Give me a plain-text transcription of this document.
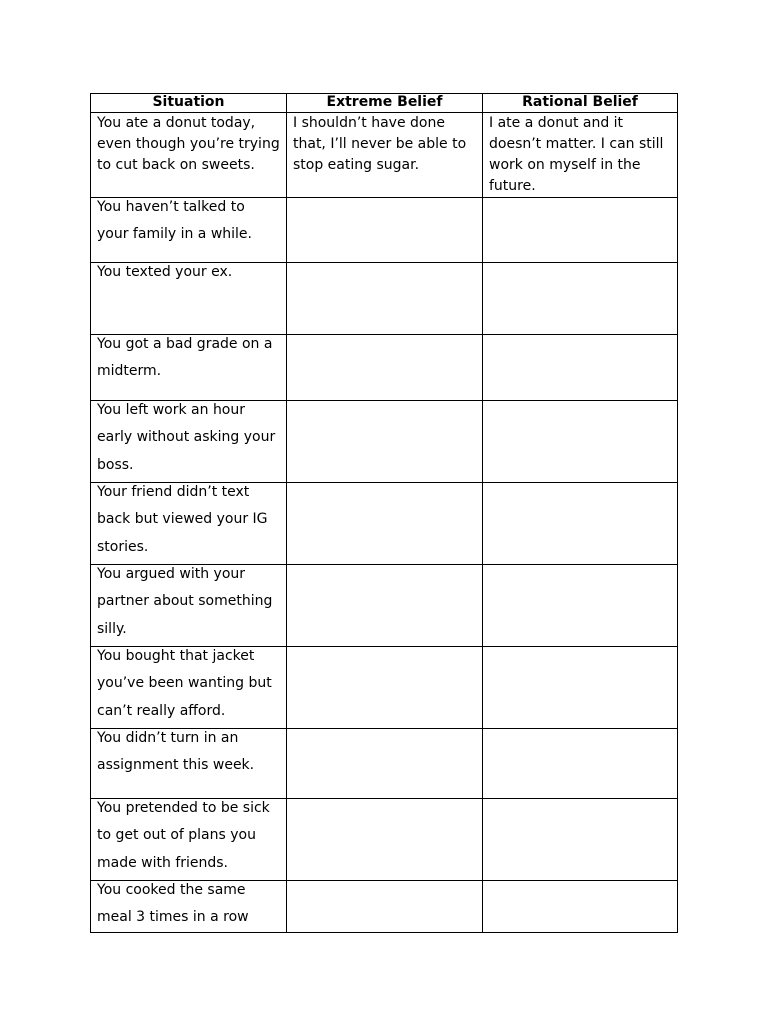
Situation	Extreme Belief	Rational Belief
You ate a donut today, even though you’re trying to cut back on sweets.	I shouldn’t have done that, I’ll never be able to stop eating sugar.	I ate a donut and it doesn’t matter. I can still work on myself in the future.

You haven’t talked to your family in a while.		

You texted your ex.		

You got a bad grade on a midterm.		

You left work an hour early without asking your boss.		

Your friend didn’t text back but viewed your IG stories.		

You argued with your partner about something silly.		

You bought that jacket you’ve been wanting but can’t really afford.		

You didn’t turn in an assignment this week.		

You pretended to be sick to get out of plans you made with friends.		

You cooked the same meal 3 times in a row		
